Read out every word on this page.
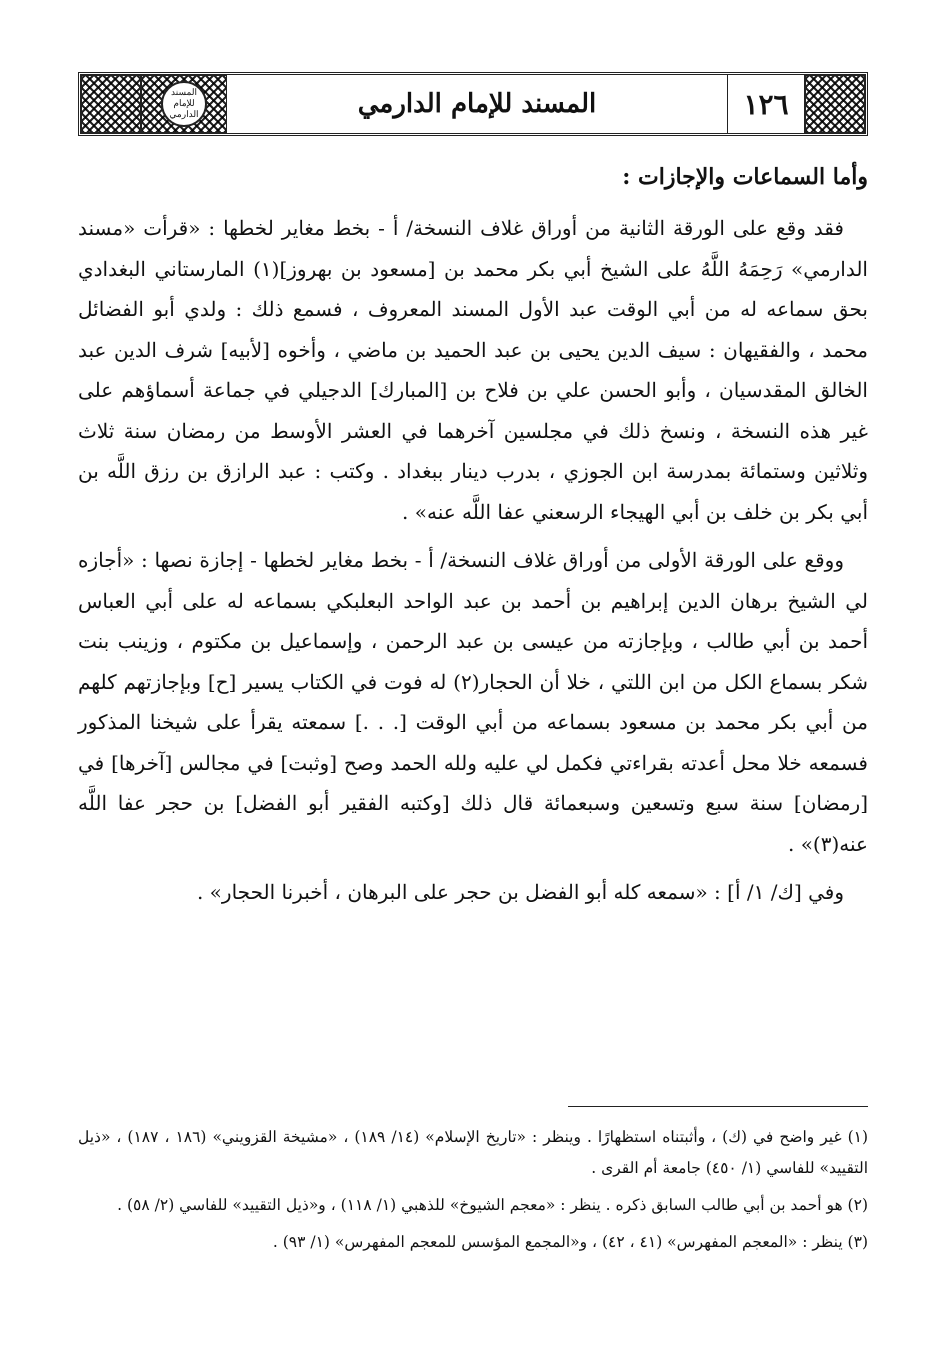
المسند للإمام الدارمي	المسند للإمام الدارمي	١٢٦
وأما السماعات والإجازات :

فقد وقع على الورقة الثانية من أوراق غلاف النسخة/ أ - بخط مغاير لخطها : «قرأت «مسند الدارمي» رَحِمَهُ اللَّهُ على الشيخ أبي بكر محمد بن [مسعود بن بهروز](١) المارستاني البغدادي بحق سماعه له من أبي الوقت عبد الأول المسند المعروف ، فسمع ذلك : ولدي أبو الفضائل محمد ، والفقيهان : سيف الدين يحيى بن عبد الحميد بن ماضي ، وأخوه [لأبيه] شرف الدين عبد الخالق المقدسيان ، وأبو الحسن علي بن فلاح بن [المبارك] الدجيلي في جماعة أسماؤهم على غير هذه النسخة ، ونسخ ذلك في مجلسين آخرهما في العشر الأوسط من رمضان سنة ثلاث وثلاثين وستمائة بمدرسة ابن الجوزي ، بدرب دينار ببغداد . وكتب : عبد الرازق بن رزق اللَّه بن أبي بكر بن خلف بن أبي الهيجاء الرسعني عفا اللَّه عنه» .

ووقع على الورقة الأولى من أوراق غلاف النسخة/ أ - بخط مغاير لخطها - إجازة نصها : «أجازه لي الشيخ برهان الدين إبراهيم بن أحمد بن عبد الواحد البعلبكي بسماعه له على أبي العباس أحمد بن أبي طالب ، وبإجازته من عيسى بن عبد الرحمن ، وإسماعيل بن مكتوم ، وزينب بنت شكر بسماع الكل من ابن اللتي ، خلا أن الحجار(٢) له فوت في الكتاب يسير [ح] وبإجازتهم كلهم من أبي بكر محمد بن مسعود بسماعه من أبي الوقت [. . .] سمعته يقرأ على شيخنا المذكور فسمعه خلا محل أعدته بقراءتي فكمل لي عليه ولله الحمد وصح [وثبت] في مجالس [آخرها] في [رمضان] سنة سبع وتسعين وسبعمائة قال ذلك [وكتبه الفقير أبو الفضل] بن حجر عفا اللَّه عنه(٣)» .

وفي [ك/ ١/ أ] : «سمعه كله أبو الفضل بن حجر على البرهان ، أخبرنا الحجار» .

(١) غير واضح في (ك) ، وأثبتناه استظهارًا . وينظر : «تاريخ الإسلام» (١٤/ ١٨٩) ، «مشيخة القزويني» (١٨٦ ، ١٨٧) ، «ذيل التقييد» للفاسي (١/ ٤٥٠) جامعة أم القرى .

(٢) هو أحمد بن أبي طالب السابق ذكره . ينظر : «معجم الشيوخ» للذهبي (١/ ١١٨) ، و«ذيل التقييد» للفاسي (٢/ ٥٨) .

(٣) ينظر : «المعجم المفهرس» (٤١ ، ٤٢) ، و«المجمع المؤسس للمعجم المفهرس» (١/ ٩٣) .
